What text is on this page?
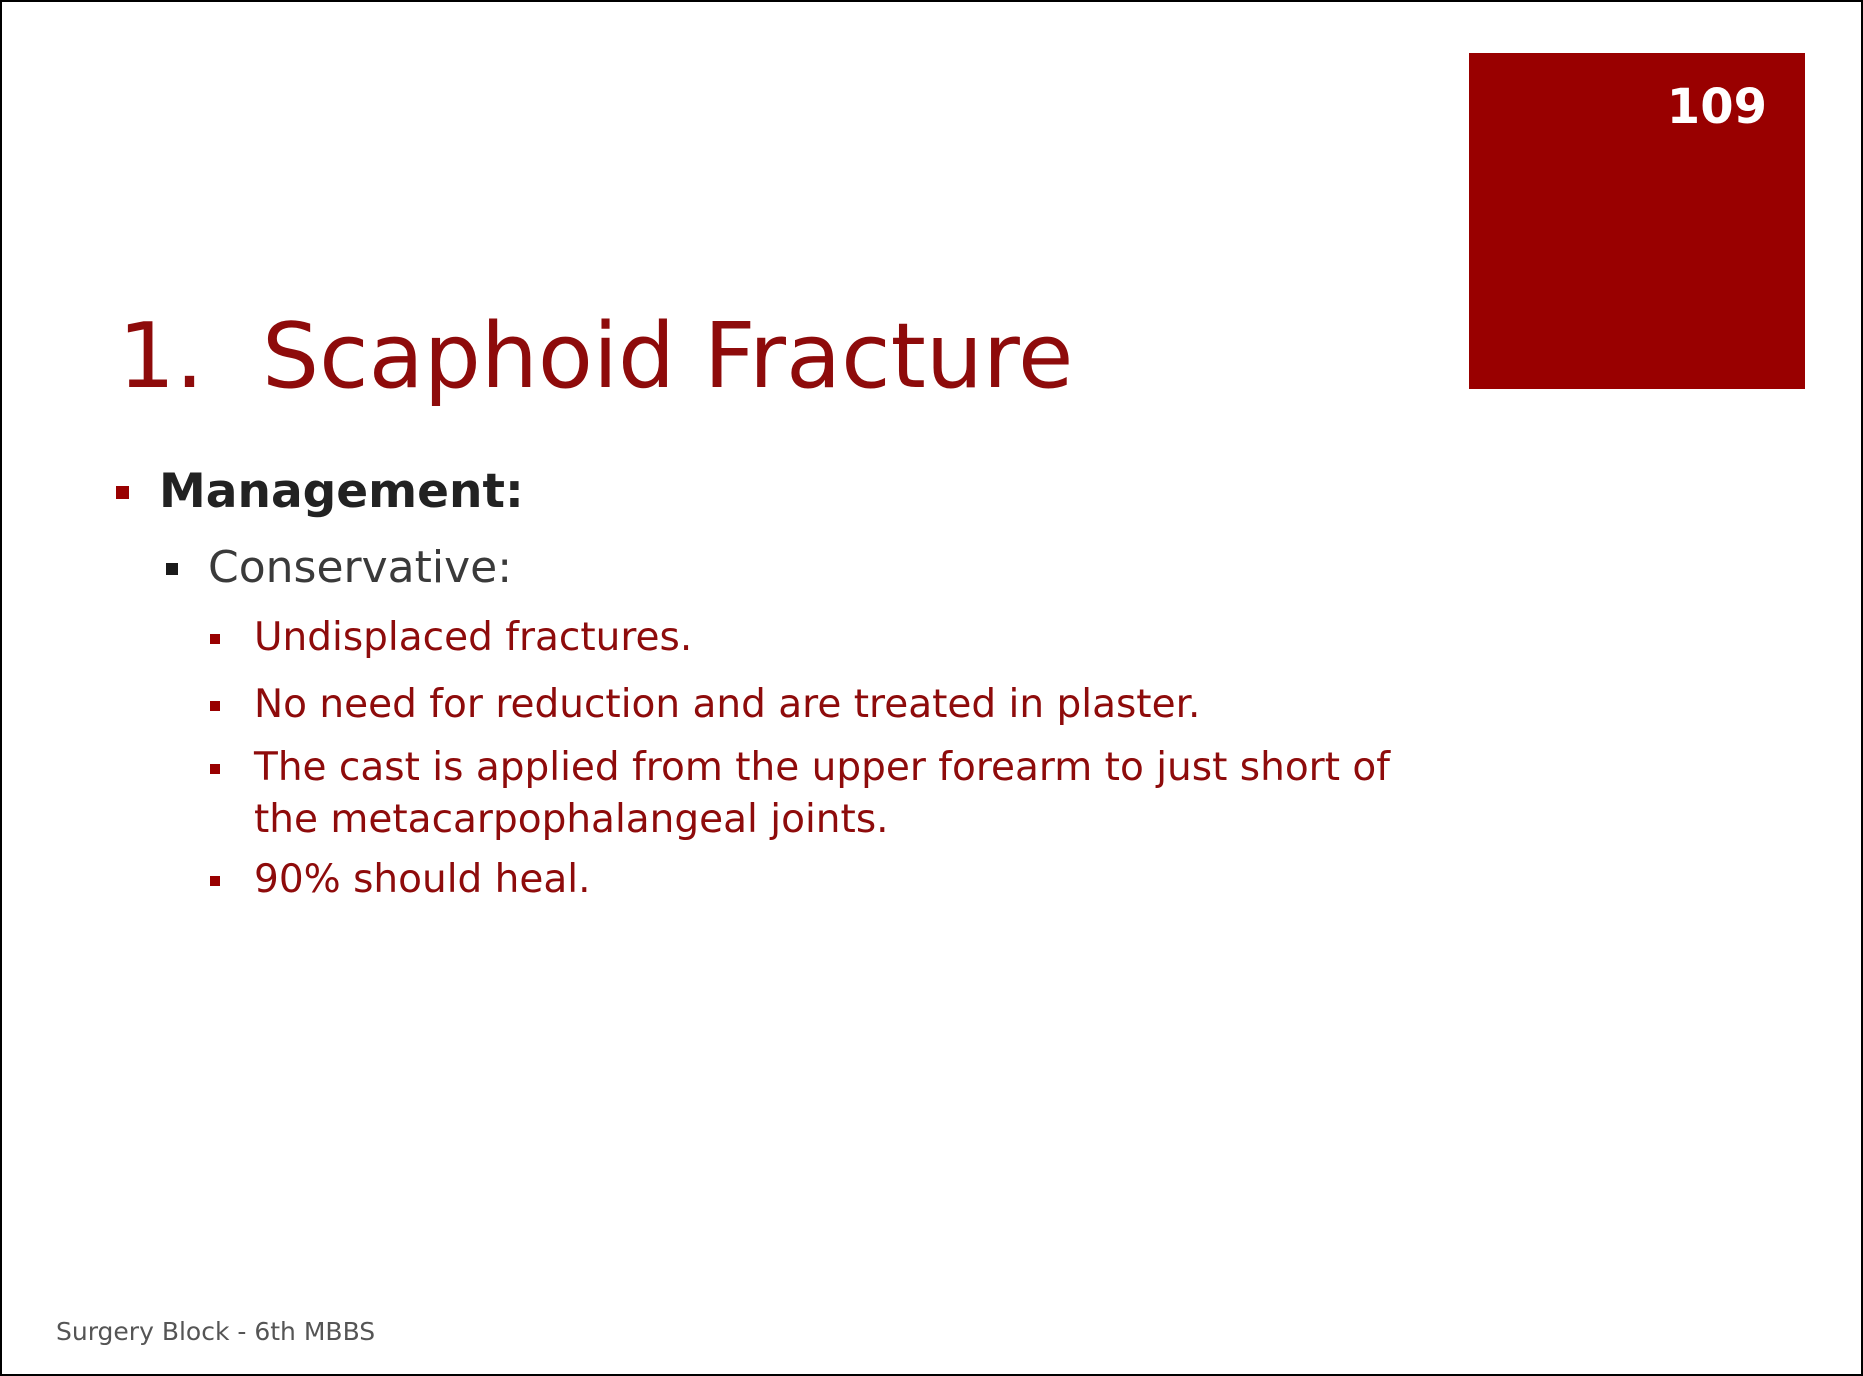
109
1. Scaphoid Fracture
Management:
Conservative:
Undisplaced fractures.
No need for reduction and are treated in plaster.
The cast is applied from the upper forearm to just short of the metacarpophalangeal joints.
90% should heal.
Surgery Block - 6th MBBS
